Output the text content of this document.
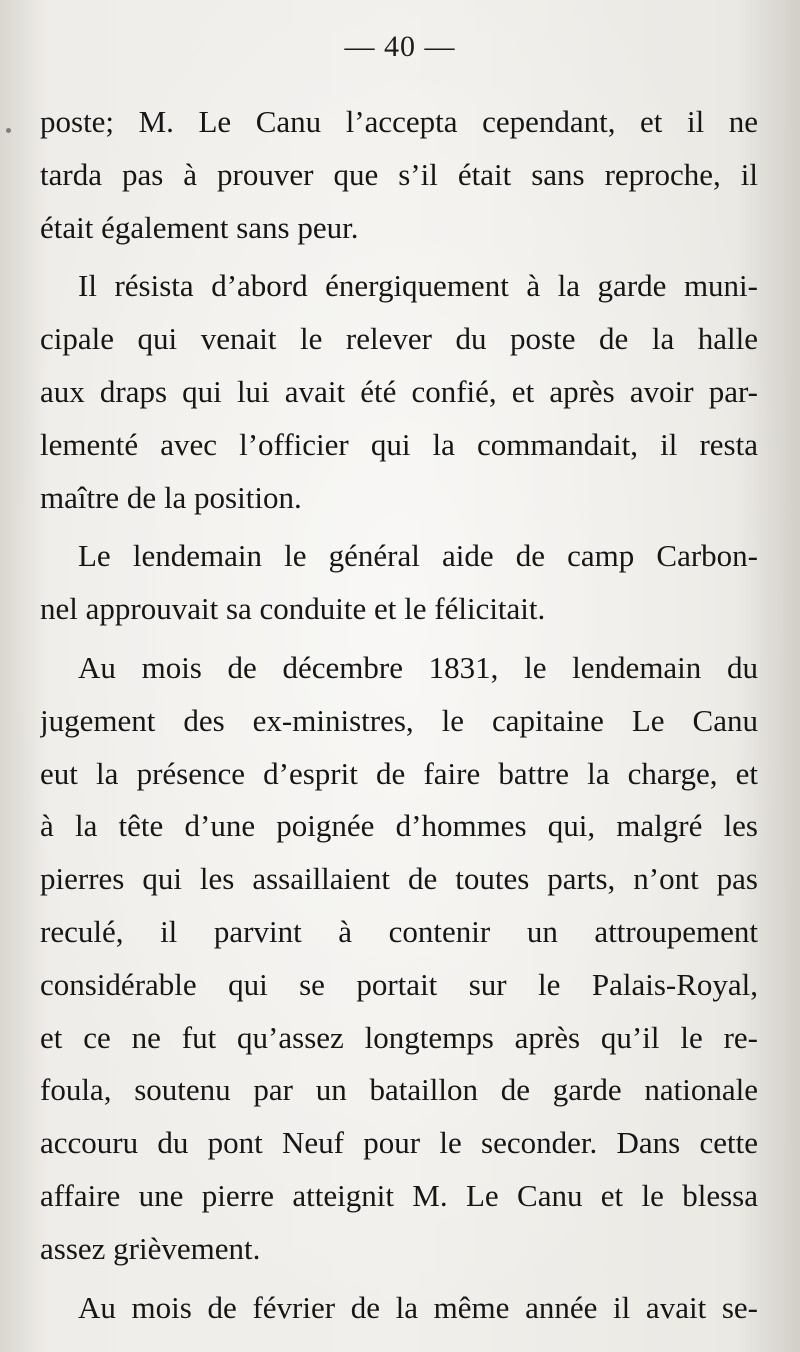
— 40 —
poste; M. Le Canu l’accepta cependant, et il ne
tarda pas à prouver que s’il était sans reproche, il
était également sans peur.
Il résista d’abord énergiquement à la garde muni-
cipale qui venait le relever du poste de la halle
aux draps qui lui avait été confié, et après avoir par-
lementé avec l’officier qui la commandait, il resta
maître de la position.
Le lendemain le général aide de camp Carbon-
nel approuvait sa conduite et le félicitait.
Au mois de décembre 1831, le lendemain du
jugement des ex-ministres, le capitaine Le Canu
eut la présence d’esprit de faire battre la charge, et
à la tête d’une poignée d’hommes qui, malgré les
pierres qui les assaillaient de toutes parts, n’ont pas
reculé, il parvint à contenir un attroupement
considérable qui se portait sur le Palais-Royal,
et ce ne fut qu’assez longtemps après qu’il le re-
foula, soutenu par un bataillon de garde nationale
accouru du pont Neuf pour le seconder. Dans cette
affaire une pierre atteignit M. Le Canu et le blessa
assez grièvement.
Au mois de février de la même année il avait se-
